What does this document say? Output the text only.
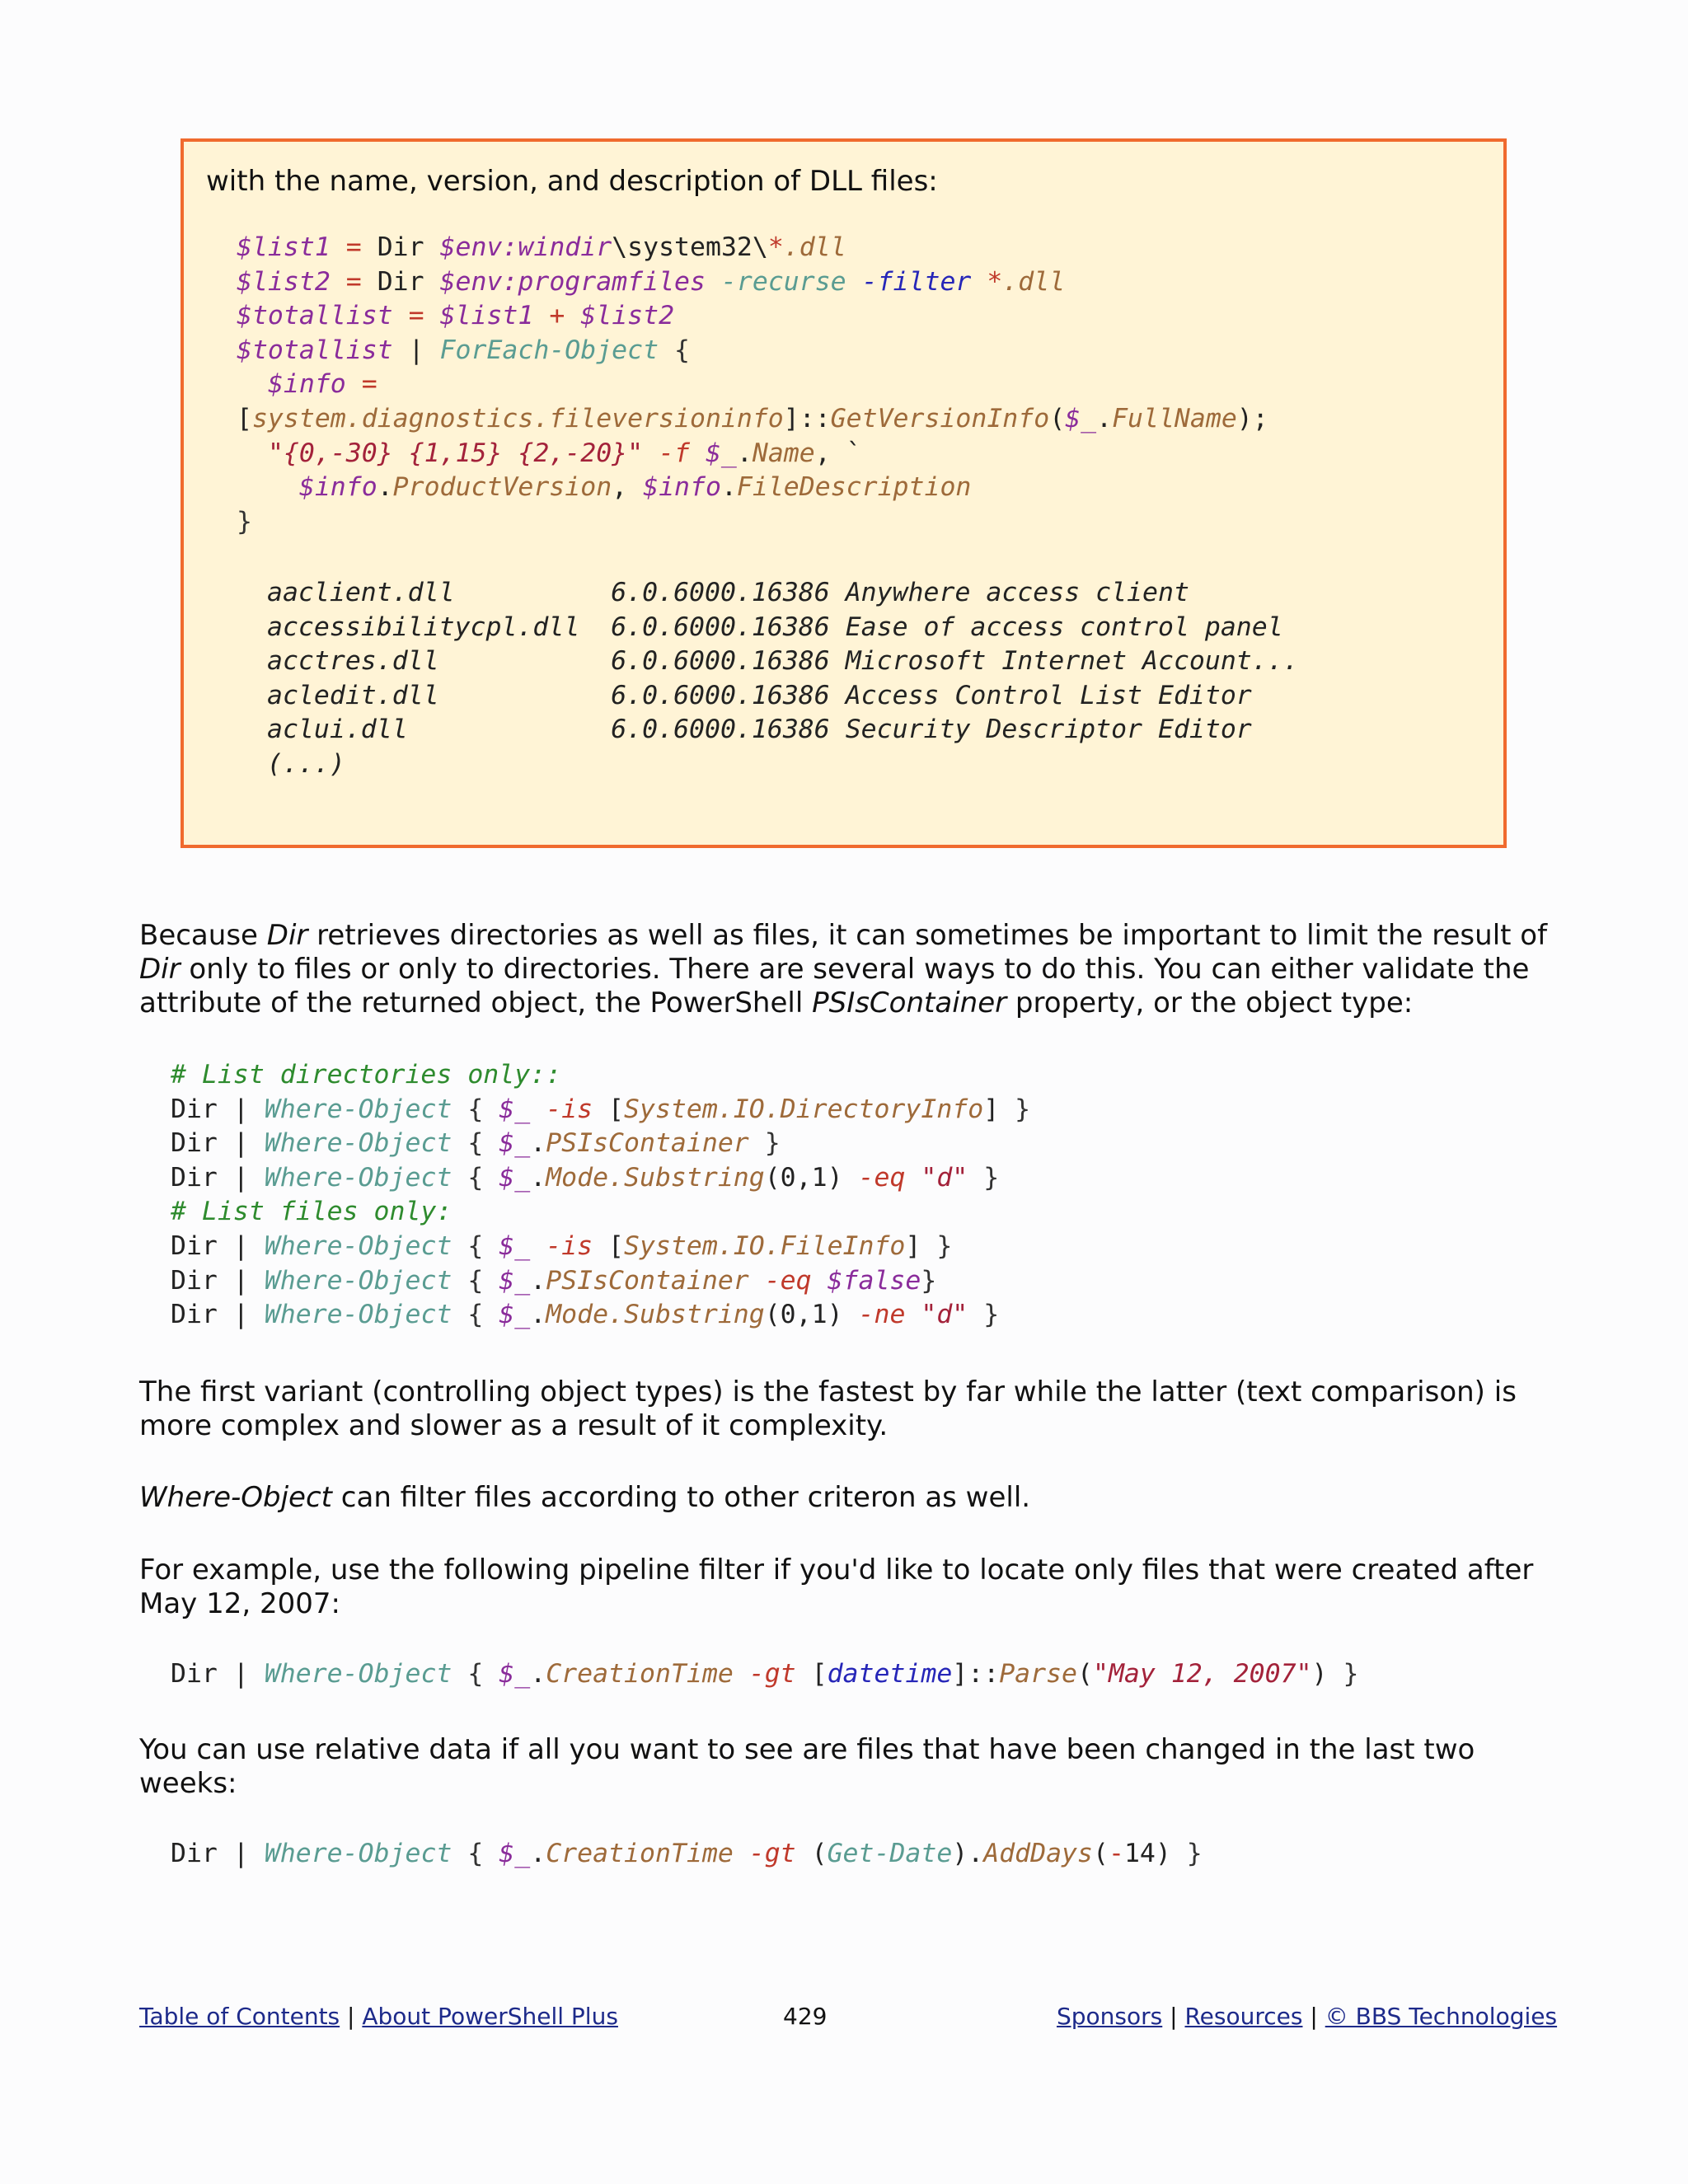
with the name, version, and description of DLL files:
$list1 = Dir $env:windir\system32\*.dll
$list2 = Dir $env:programfiles -recurse -filter *.dll
$totallist = $list1 + $list2
$totallist | ForEach-Object {
$info =
[system.diagnostics.fileversioninfo]::GetVersionInfo($_.FullName);
"{0,-30} {1,15} {2,-20}" -f $_.Name, `
$info.ProductVersion, $info.FileDescription
}
aaclient.dll          6.0.6000.16386 Anywhere access client
accessibilitycpl.dll  6.0.6000.16386 Ease of access control panel
acctres.dll           6.0.6000.16386 Microsoft Internet Account...
acledit.dll           6.0.6000.16386 Access Control List Editor
aclui.dll             6.0.6000.16386 Security Descriptor Editor
(...)
Because Dir retrieves directories as well as files, it can sometimes be important to limit the result of Dir only to files or only to directories. There are several ways to do this. You can either validate the attribute of the returned object, the PowerShell PSIsContainer property, or the object type:
# List directories only::
Dir | Where-Object { $_ -is [System.IO.DirectoryInfo] }
Dir | Where-Object { $_.PSIsContainer }
Dir | Where-Object { $_.Mode.Substring(0,1) -eq "d" }
# List files only:
Dir | Where-Object { $_ -is [System.IO.FileInfo] }
Dir | Where-Object { $_.PSIsContainer -eq $false}
Dir | Where-Object { $_.Mode.Substring(0,1) -ne "d" }
The first variant (controlling object types) is the fastest by far while the latter (text comparison) is more complex and slower as a result of it complexity.
Where-Object can filter files according to other criteron as well.
For example, use the following pipeline filter if you'd like to locate only files that were created after May 12, 2007:
Dir | Where-Object { $_.CreationTime -gt [datetime]::Parse("May 12, 2007") }
You can use relative data if all you want to see are files that have been changed in the last two weeks:
Dir | Where-Object { $_.CreationTime -gt (Get-Date).AddDays(-14) }
Table of Contents | About PowerShell Plus	429	Sponsors | Resources | © BBS Technologies
